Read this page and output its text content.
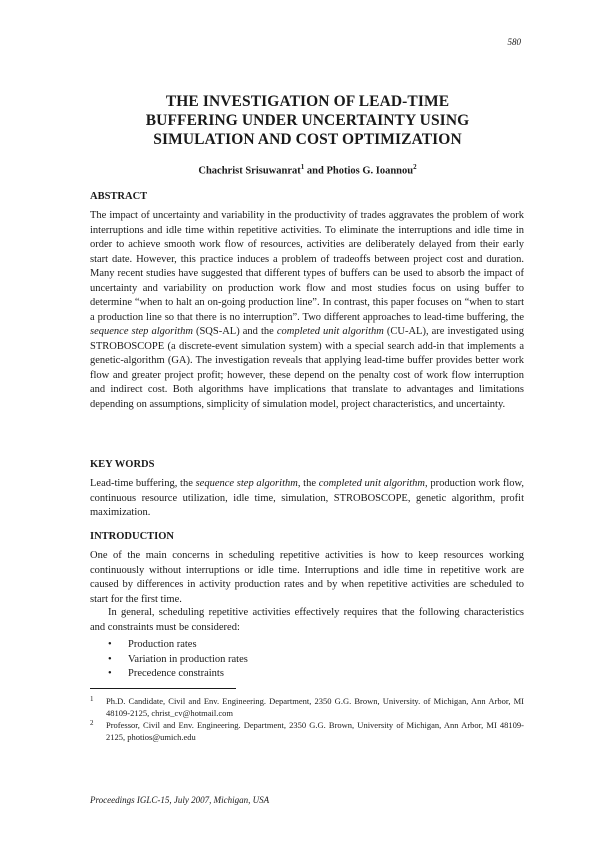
580
THE INVESTIGATION OF LEAD-TIME
BUFFERING UNDER UNCERTAINTY USING
SIMULATION AND COST OPTIMIZATION

Chachrist Srisuwanrat$^1$ and Photios G. Ioannou$^2$

ABSTRACT

The impact of uncertainty and variability in the productivity of trades aggravates the problem of work interruptions and idle time within repetitive activities. To eliminate the interruptions and idle time in order to achieve smooth work flow of resources, activities are deliberately delayed from their early start date. However, this practice induces a problem of tradeoffs between project cost and duration. Many recent studies have suggested that different types of buffers can be used to absorb the impact of uncertainty and variability on production work flow and most studies focus on using buffer to determine “when to halt an on-going production line”. In contrast, this paper focuses on “when to start a production line so that there is no interruption”. Two different approaches to lead-time buffering, the sequence step algorithm (SQS-AL) and the completed unit algorithm (CU-AL), are investigated using STROBOSCOPE (a discrete-event simulation system) with a special search add-in that implements a genetic-algorithm (GA). The investigation reveals that applying lead-time buffer provides better work flow and greater project profit; however, these depend on the penalty cost of work flow interruption and indirect cost. Both algorithms have implications that translate to advantages and limitations depending on assumptions, simplicity of simulation model, project characteristics, and uncertainty.

KEY WORDS

Lead-time buffering, the sequence step algorithm, the completed unit algorithm, production work flow, continuous resource utilization, idle time, simulation, STROBOSCOPE, genetic algorithm, profit maximization.

INTRODUCTION

One of the main concerns in scheduling repetitive activities is how to keep resources working continuously without interruptions or idle time. Interruptions and idle time in repetitive work are caused by differences in activity production rates and by when repetitive activities are scheduled to start for the first time.

In general, scheduling repetitive activities effectively requires that the following characteristics and constraints must be considered:

• Production rates
• Variation in production rates
• Precedence constraints

1	Ph.D. Candidate, Civil and Env. Engineering. Department, 2350 G.G. Brown, University. of Michigan, Ann Arbor, MI 48109-2125, christ_cv@hotmail.com

2	Professor, Civil and Env. Engineering. Department, 2350 G.G. Brown, University of Michigan, Ann Arbor, MI 48109-2125, photios@umich.edu

Proceedings IGLC-15, July 2007, Michigan, USA
